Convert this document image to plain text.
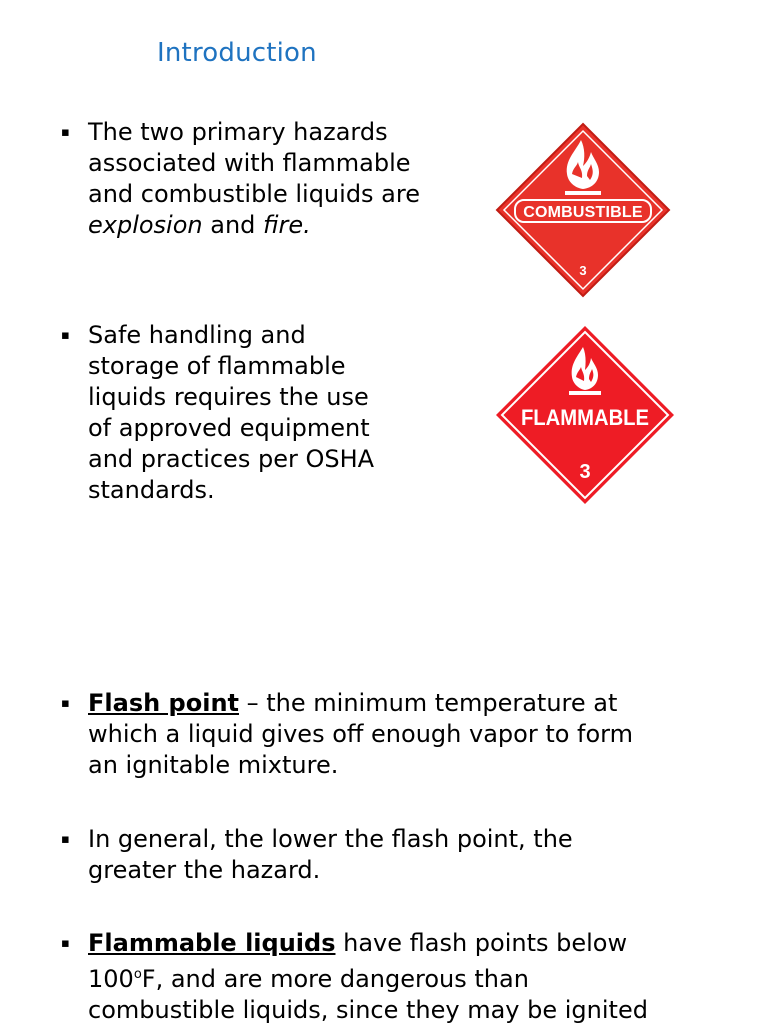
Introduction
▪ The two primary hazards
associated with flammable
and combustible liquids are
explosion and fire.
▪ Safe handling and
storage of flammable
liquids requires the use
of approved equipment
and practices per OSHA
standards.
▪ Flash point – the minimum temperature at
which a liquid gives off enough vapor to form
an ignitable mixture.
▪ In general, the lower the flash point, the
greater the hazard.
▪ Flammable liquids have flash points below
100$^o$F, and are more dangerous than
combustible liquids, since they may be ignited
COMBUSTIBLE
3
FLAMMABLE
3
